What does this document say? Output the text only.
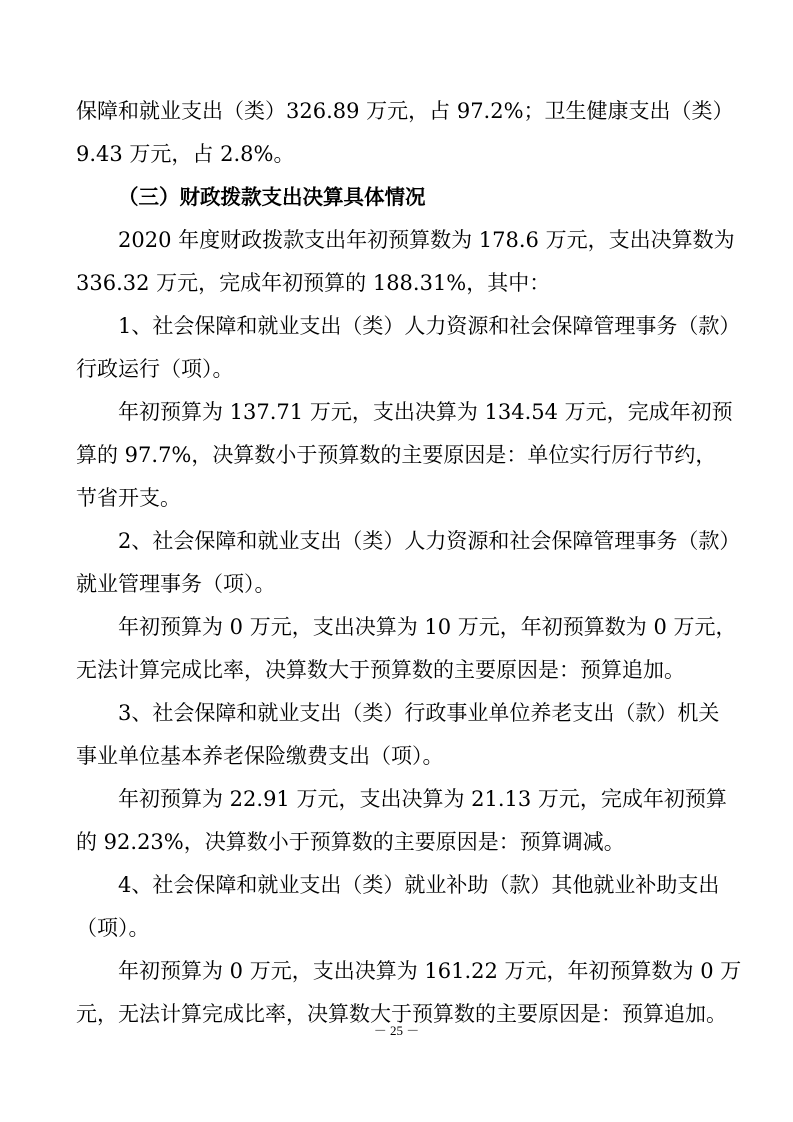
保障和就业支出（类）326.89 万元，占 97.2%；卫生健康支出（类）
9.43 万元，占 2.8%。
（三）财政拨款支出决算具体情况
2020 年度财政拨款支出年初预算数为 178.6 万元，支出决算数为
336.32 万元，完成年初预算的 188.31%，其中：
1、社会保障和就业支出（类）人力资源和社会保障管理事务（款）
行政运行（项）。
年初预算为 137.71 万元，支出决算为 134.54 万元，完成年初预
算的 97.7%，决算数小于预算数的主要原因是：单位实行厉行节约，
节省开支。
2、社会保障和就业支出（类）人力资源和社会保障管理事务（款）
就业管理事务（项）。
年初预算为 0 万元，支出决算为 10 万元，年初预算数为 0 万元，
无法计算完成比率，决算数大于预算数的主要原因是：预算追加。
3、社会保障和就业支出（类）行政事业单位养老支出（款）机关
事业单位基本养老保险缴费支出（项）。
年初预算为 22.91 万元，支出决算为 21.13 万元，完成年初预算
的 92.23%，决算数小于预算数的主要原因是：预算调减。
4、社会保障和就业支出（类）就业补助（款）其他就业补助支出
（项）。
年初预算为 0 万元，支出决算为 161.22 万元，年初预算数为 0 万
元，无法计算完成比率，决算数大于预算数的主要原因是：预算追加。
－ 25 －
